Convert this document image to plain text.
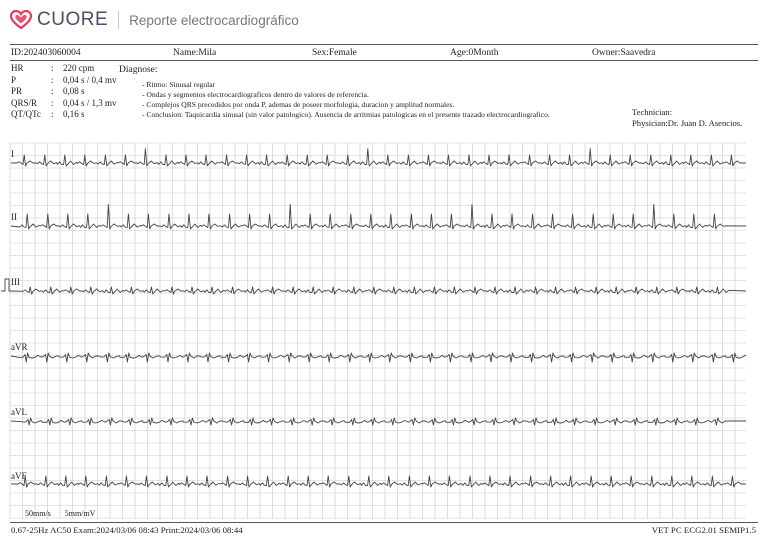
CUORE Reporte electrocardiográfico
ID:202403060004	Name:Mila	Sex:Female	Age:0Month	Owner:Saavedra
HR	:	220 cpm
P	:	0,04 s / 0,4 mv
PR	:	0,08 s
QRS/R	:	0,04 s / 1,3 mv
QT/QTc	:	0,16 s
Diagnose:
- Ritmo: Sinusal regular
- Ondas y segmentos electrocardiograficos dentro de valores de referencia.
- Complejos QRS precedidos por onda P, ademas de poseer morfologia, duracion y amplitud normales.
- Conclusion: Taquicardia sinusal (sin valor patologico). Ausencia de arritmias patologicas en el presente trazado electrocardiografico.	Technician:
Physician:Dr. Juan D. Asencios.
I
II
III
aVR
aVL
aVF
50mm/s 5mm/mV
0.67-25Hz AC50 Exam:2024/03/06 08:43 Print:2024/03/06 08:44	VET PC ECG2.01 SEMIP1.5
